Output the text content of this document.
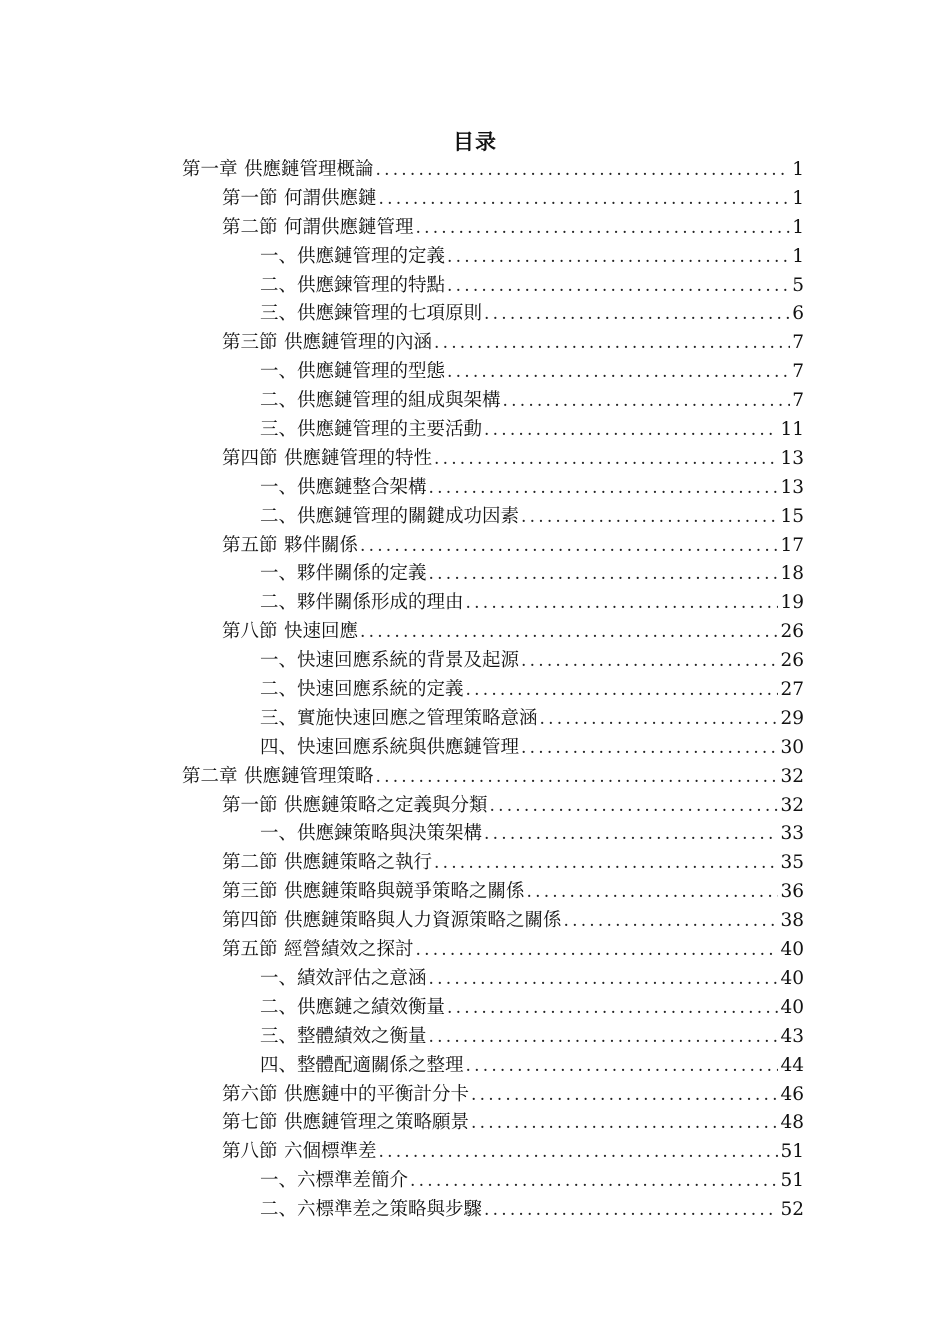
目录
第一章 供應鏈管理概論 .....	1
第一節 何謂供應鏈 .....	1
第二節 何謂供應鏈管理 .....	1
一、供應鏈管理的定義 .....	1
二、供應鍊管理的特點 .....	5
三、供應鍊管理的七項原則 .....	6
第三節 供應鏈管理的內涵 .....	7
一、供應鏈管理的型態 .....	7
二、供應鏈管理的組成與架構 .....	7
三、供應鏈管理的主要活動 .....	11
第四節 供應鏈管理的特性 .....	13
一、供應鏈整合架構 .....	13
二、供應鏈管理的關鍵成功因素 .....	15
第五節 夥伴關係 .....	17
一、夥伴關係的定義 .....	18
二、夥伴關係形成的理由 .....	19
第八節 快速回應 .....	26
一、快速回應系統的背景及起源 .....	26
二、快速回應系統的定義 .....	27
三、實施快速回應之管理策略意涵 .....	29
四、快速回應系統與供應鏈管理 .....	30
第二章 供應鏈管理策略 .....	32
第一節 供應鏈策略之定義與分類 .....	32
一、供應鍊策略與決策架構 .....	33
第二節 供應鏈策略之執行 .....	35
第三節 供應鏈策略與競爭策略之關係 .....	36
第四節 供應鏈策略與人力資源策略之關係 .....	38
第五節 經營績效之探討 .....	40
一、績效評估之意涵 .....	40
二、供應鏈之績效衡量 .....	40
三、整體績效之衡量 .....	43
四、整體配適關係之整理 .....	44
第六節 供應鏈中的平衡計分卡 .....	46
第七節 供應鏈管理之策略願景 .....	48
第八節 六個標準差 .....	51
一、六標準差簡介 .....	51
二、六標準差之策略與步驟 .....	52
